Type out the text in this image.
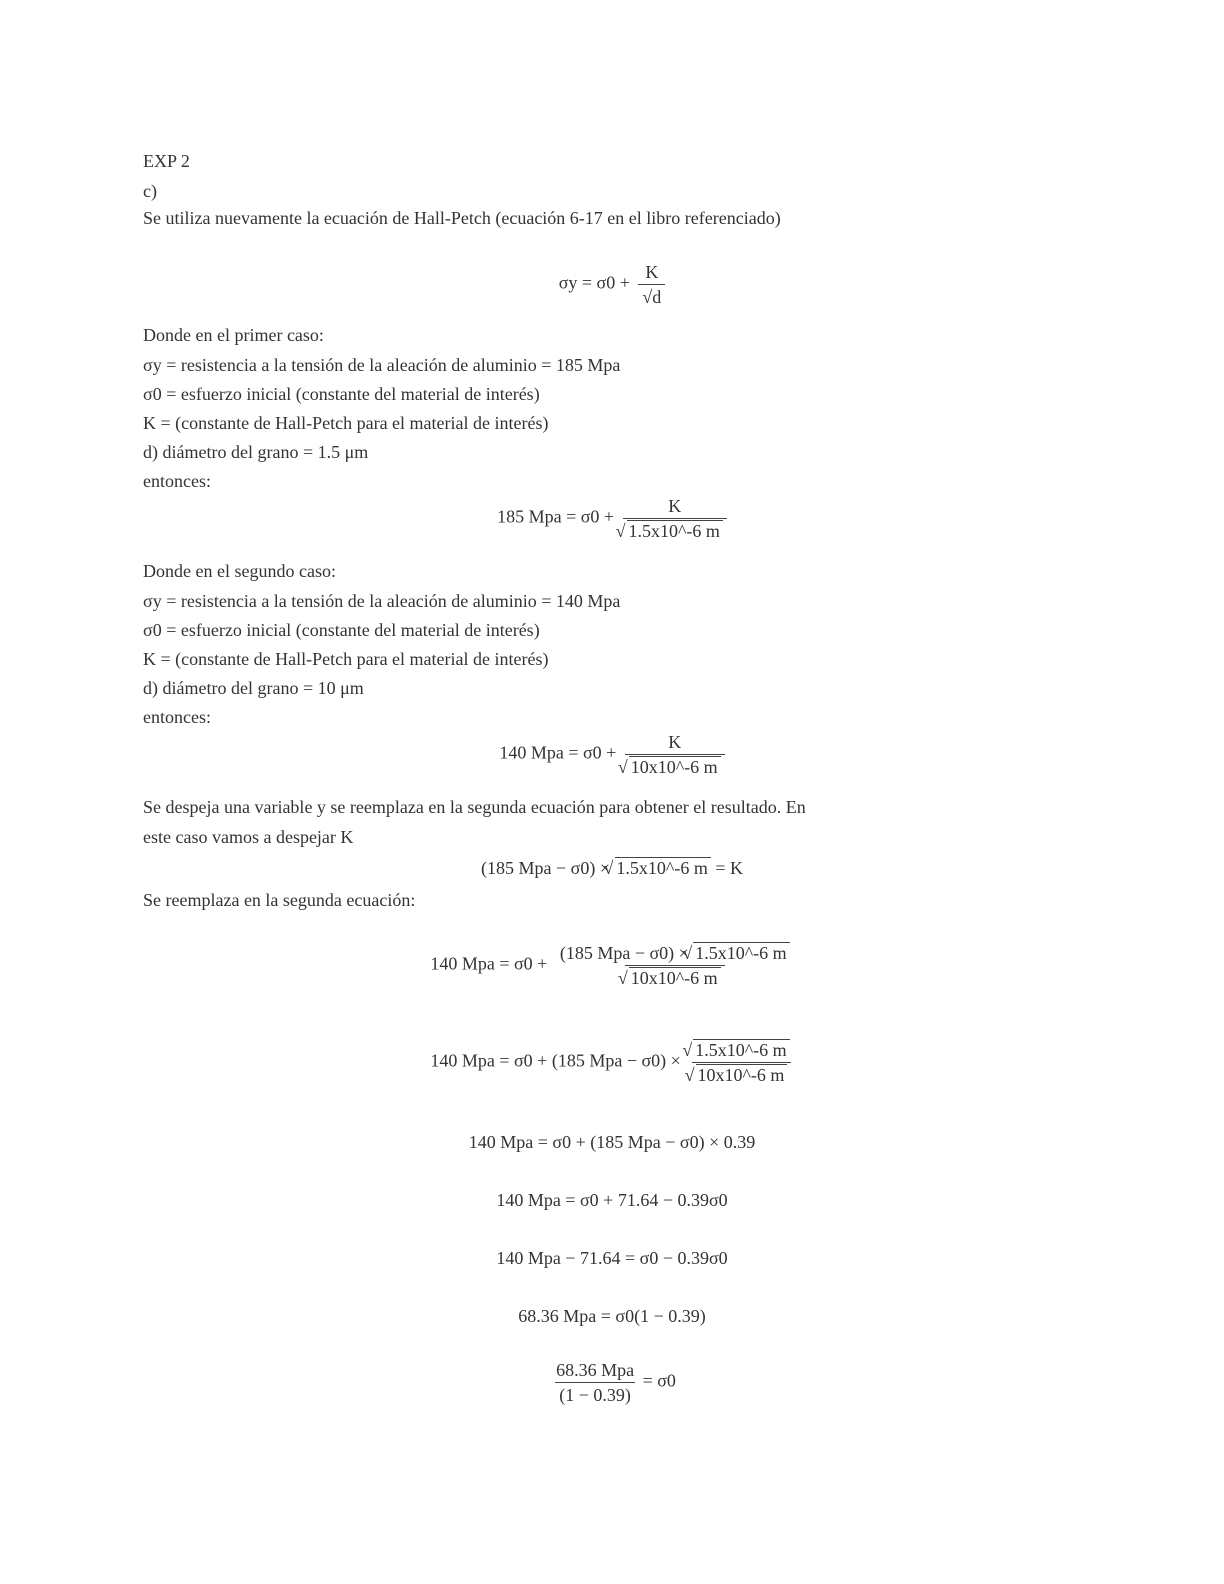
EXP 2
c)
Se utiliza nuevamente la ecuación de Hall-Petch (ecuación 6-17 en el libro referenciado)
$\sigma y = \sigma 0 + \frac{K}{√d}$
Donde en el primer caso:
σy = resistencia a la tensión de la aleación de aluminio = 185 Mpa
σ0 = esfuerzo inicial (constante del material de interés)
K = (constante de Hall-Petch para el material de interés)
d) diámetro del grano = 1.5 μm
entonces:
185 Mpa = σ0 + K
√ 1.5x10^-6 m
Donde en el segundo caso:
σy = resistencia a la tensión de la aleación de aluminio = 140 Mpa
σ0 = esfuerzo inicial (constante del material de interés)
K = (constante de Hall-Petch para el material de interés)
d) diámetro del grano = 10 μm
entonces:
140 Mpa = σ0 + K
√ 10x10^-6 m
Se despeja una variable y se reemplaza en la segunda ecuación para obtener el resultado. En
este caso vamos a despejar K
(185 Mpa − σ0) × √ 1.5x10^-6 m = K
Se reemplaza en la segunda ecuación:
140 Mpa = σ0 + (185 Mpa − σ0) × √ 1.5x10^-6 m
√ 10x10^-6 m
140 Mpa = σ0 + (185 Mpa − σ0) ×
√ 1.5x10^-6 m
√ 10x10^-6 m
140 Mpa = σ0 + (185 Mpa − σ0) × 0.39
140 Mpa = σ0 + 71.64 − 0.39σ0
140 Mpa − 71.64 = σ0 − 0.39σ0
68.36 Mpa = σ0(1 − 0.39)
$\frac{\text{68.36 Mpa}}{(1 - 0.39)} = \sigma 0$
